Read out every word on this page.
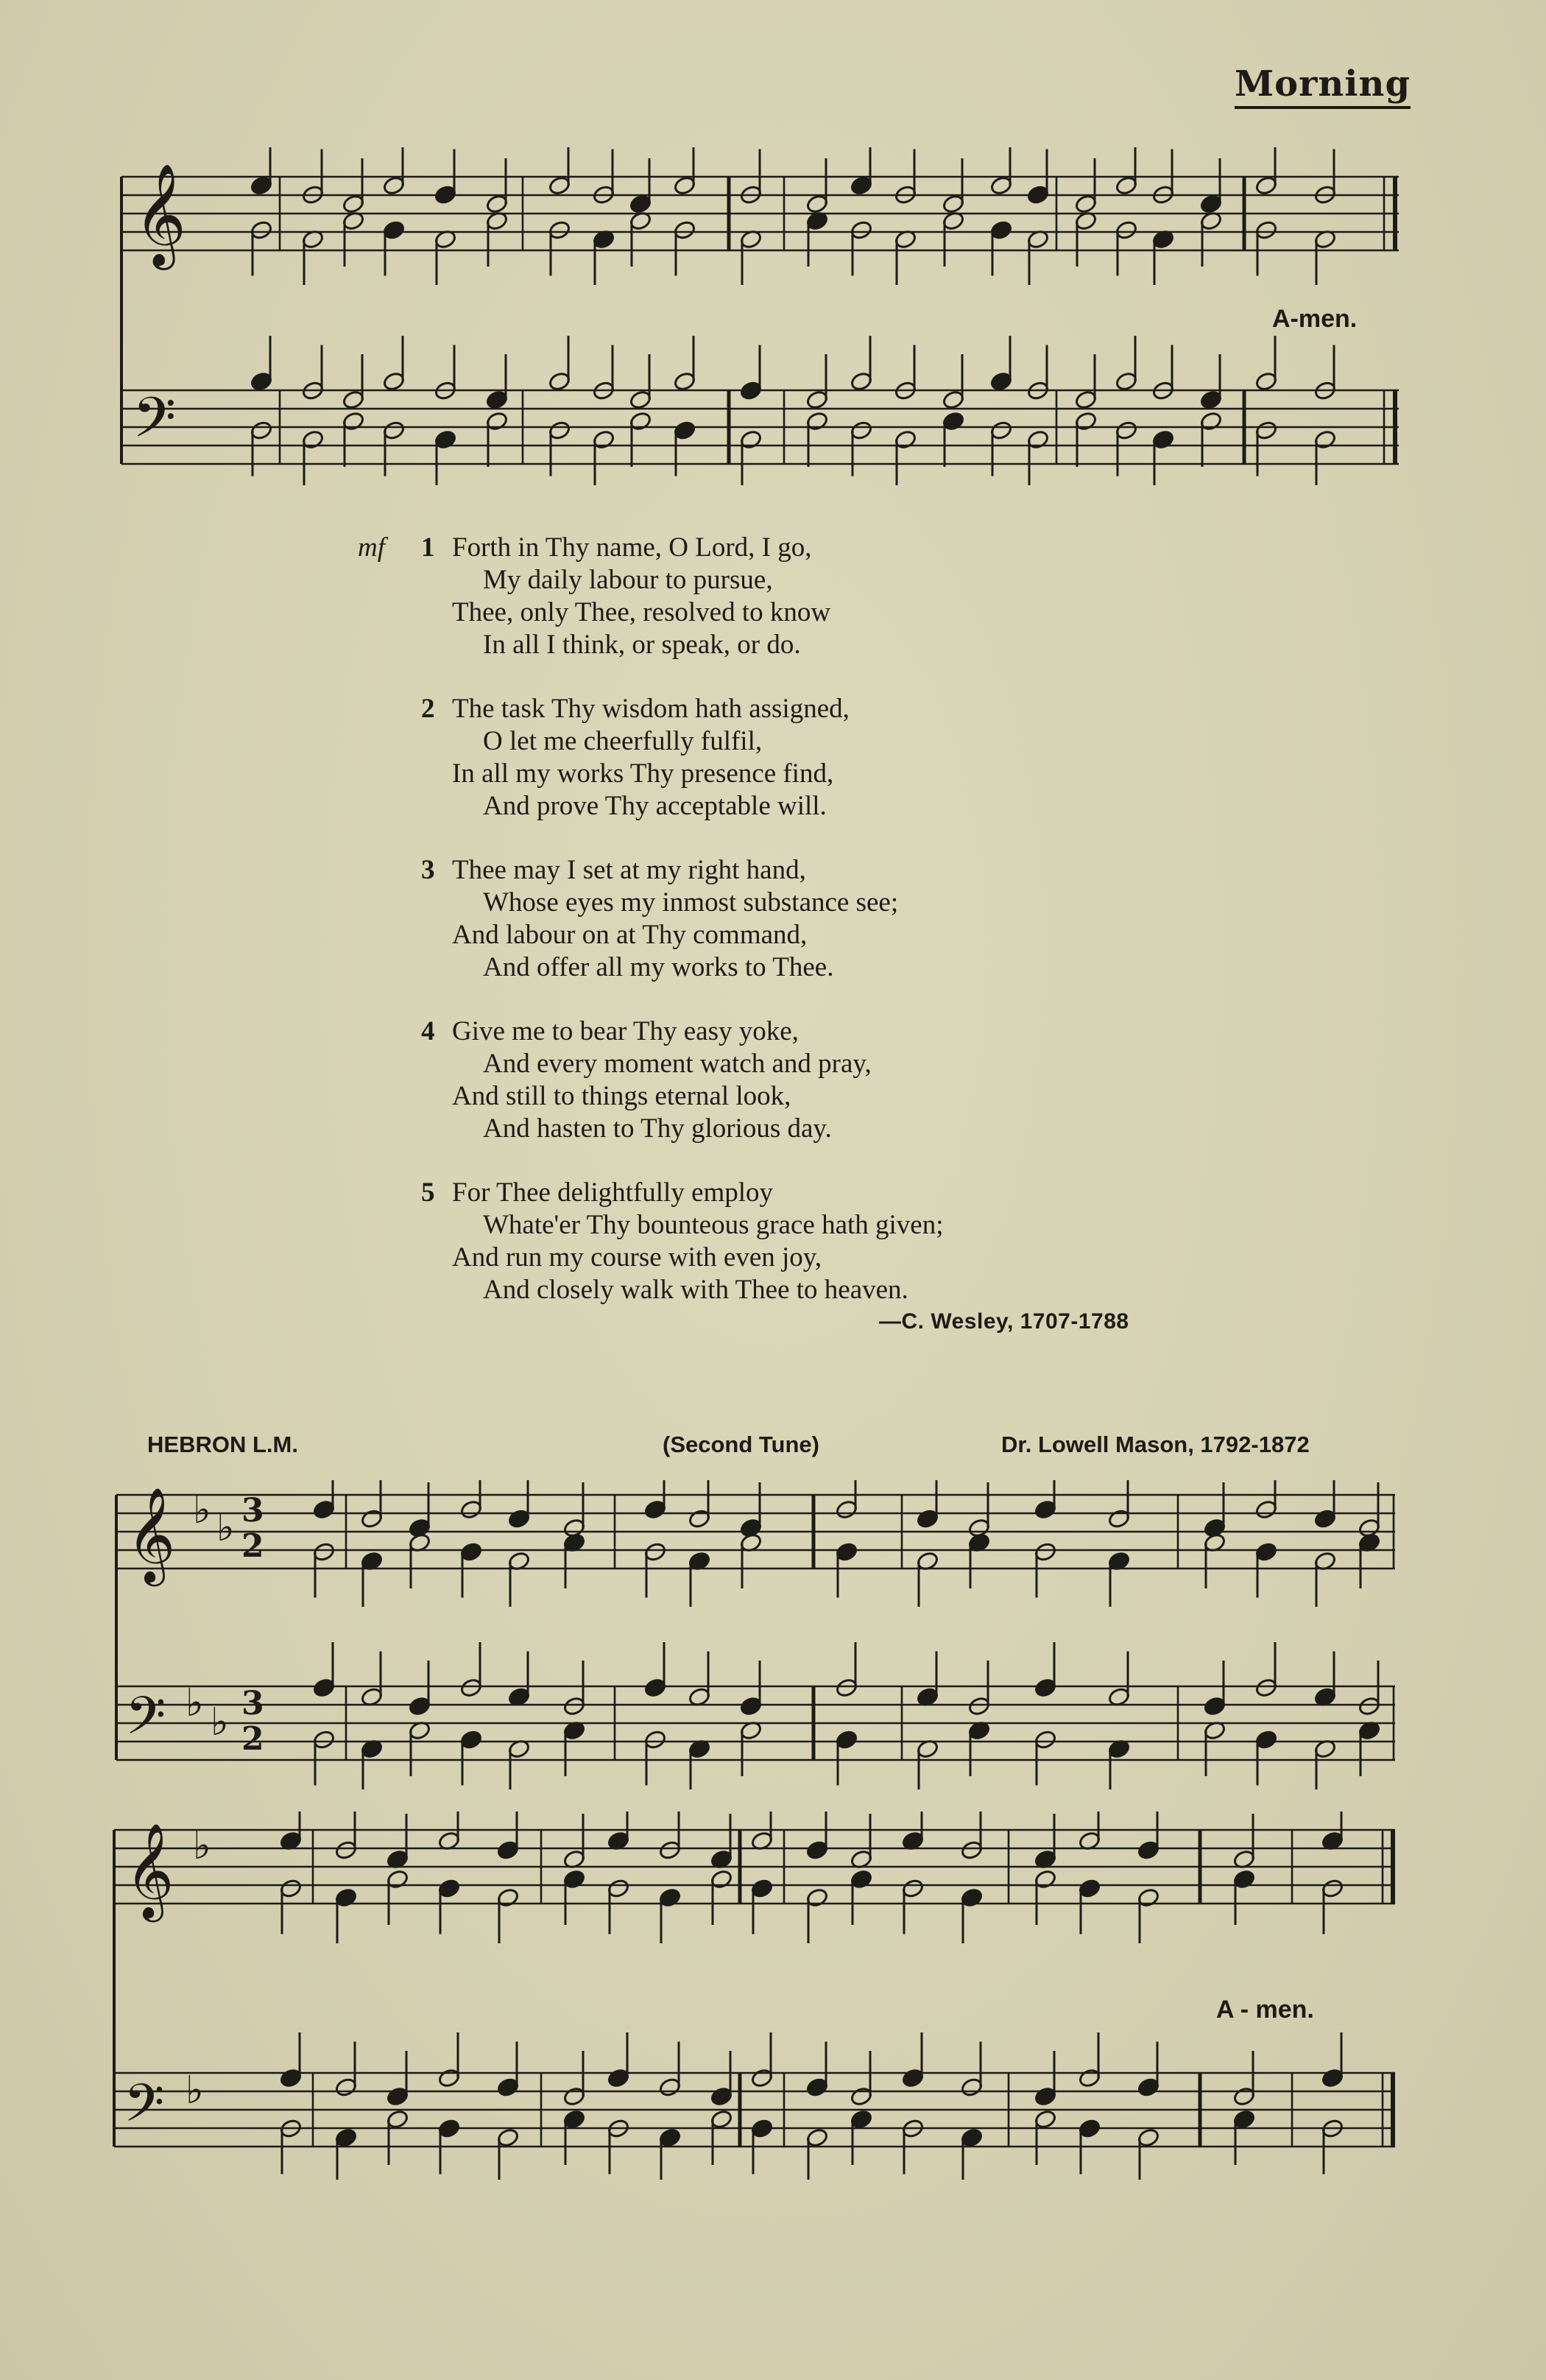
Morning
𝄞
𝄢
A-men.
mf 1 Forth in Thy name, O Lord, I go,
My daily labour to pursue,
Thee, only Thee, resolved to know
In all I think, or speak, or do.
2 The task Thy wisdom hath assigned,
O let me cheerfully fulfil,
In all my works Thy presence find,
And prove Thy acceptable will.
3 Thee may I set at my right hand,
Whose eyes my inmost substance see;
And labour on at Thy command,
And offer all my works to Thee.
4 Give me to bear Thy easy yoke,
And every moment watch and pray,
And still to things eternal look,
And hasten to Thy glorious day.
5 For Thee delightfully employ
Whate'er Thy bounteous grace hath given;
And run my course with even joy,
And closely walk with Thee to heaven.
—C. Wesley, 1707-1788
HEBRON L.M.	(Second Tune)	Dr. Lowell Mason, 1792-1872
𝄞
𝄢
♭ ♭
♭ ♭
3
2
3
2
𝄞
𝄢
♭
♭
A - men.
